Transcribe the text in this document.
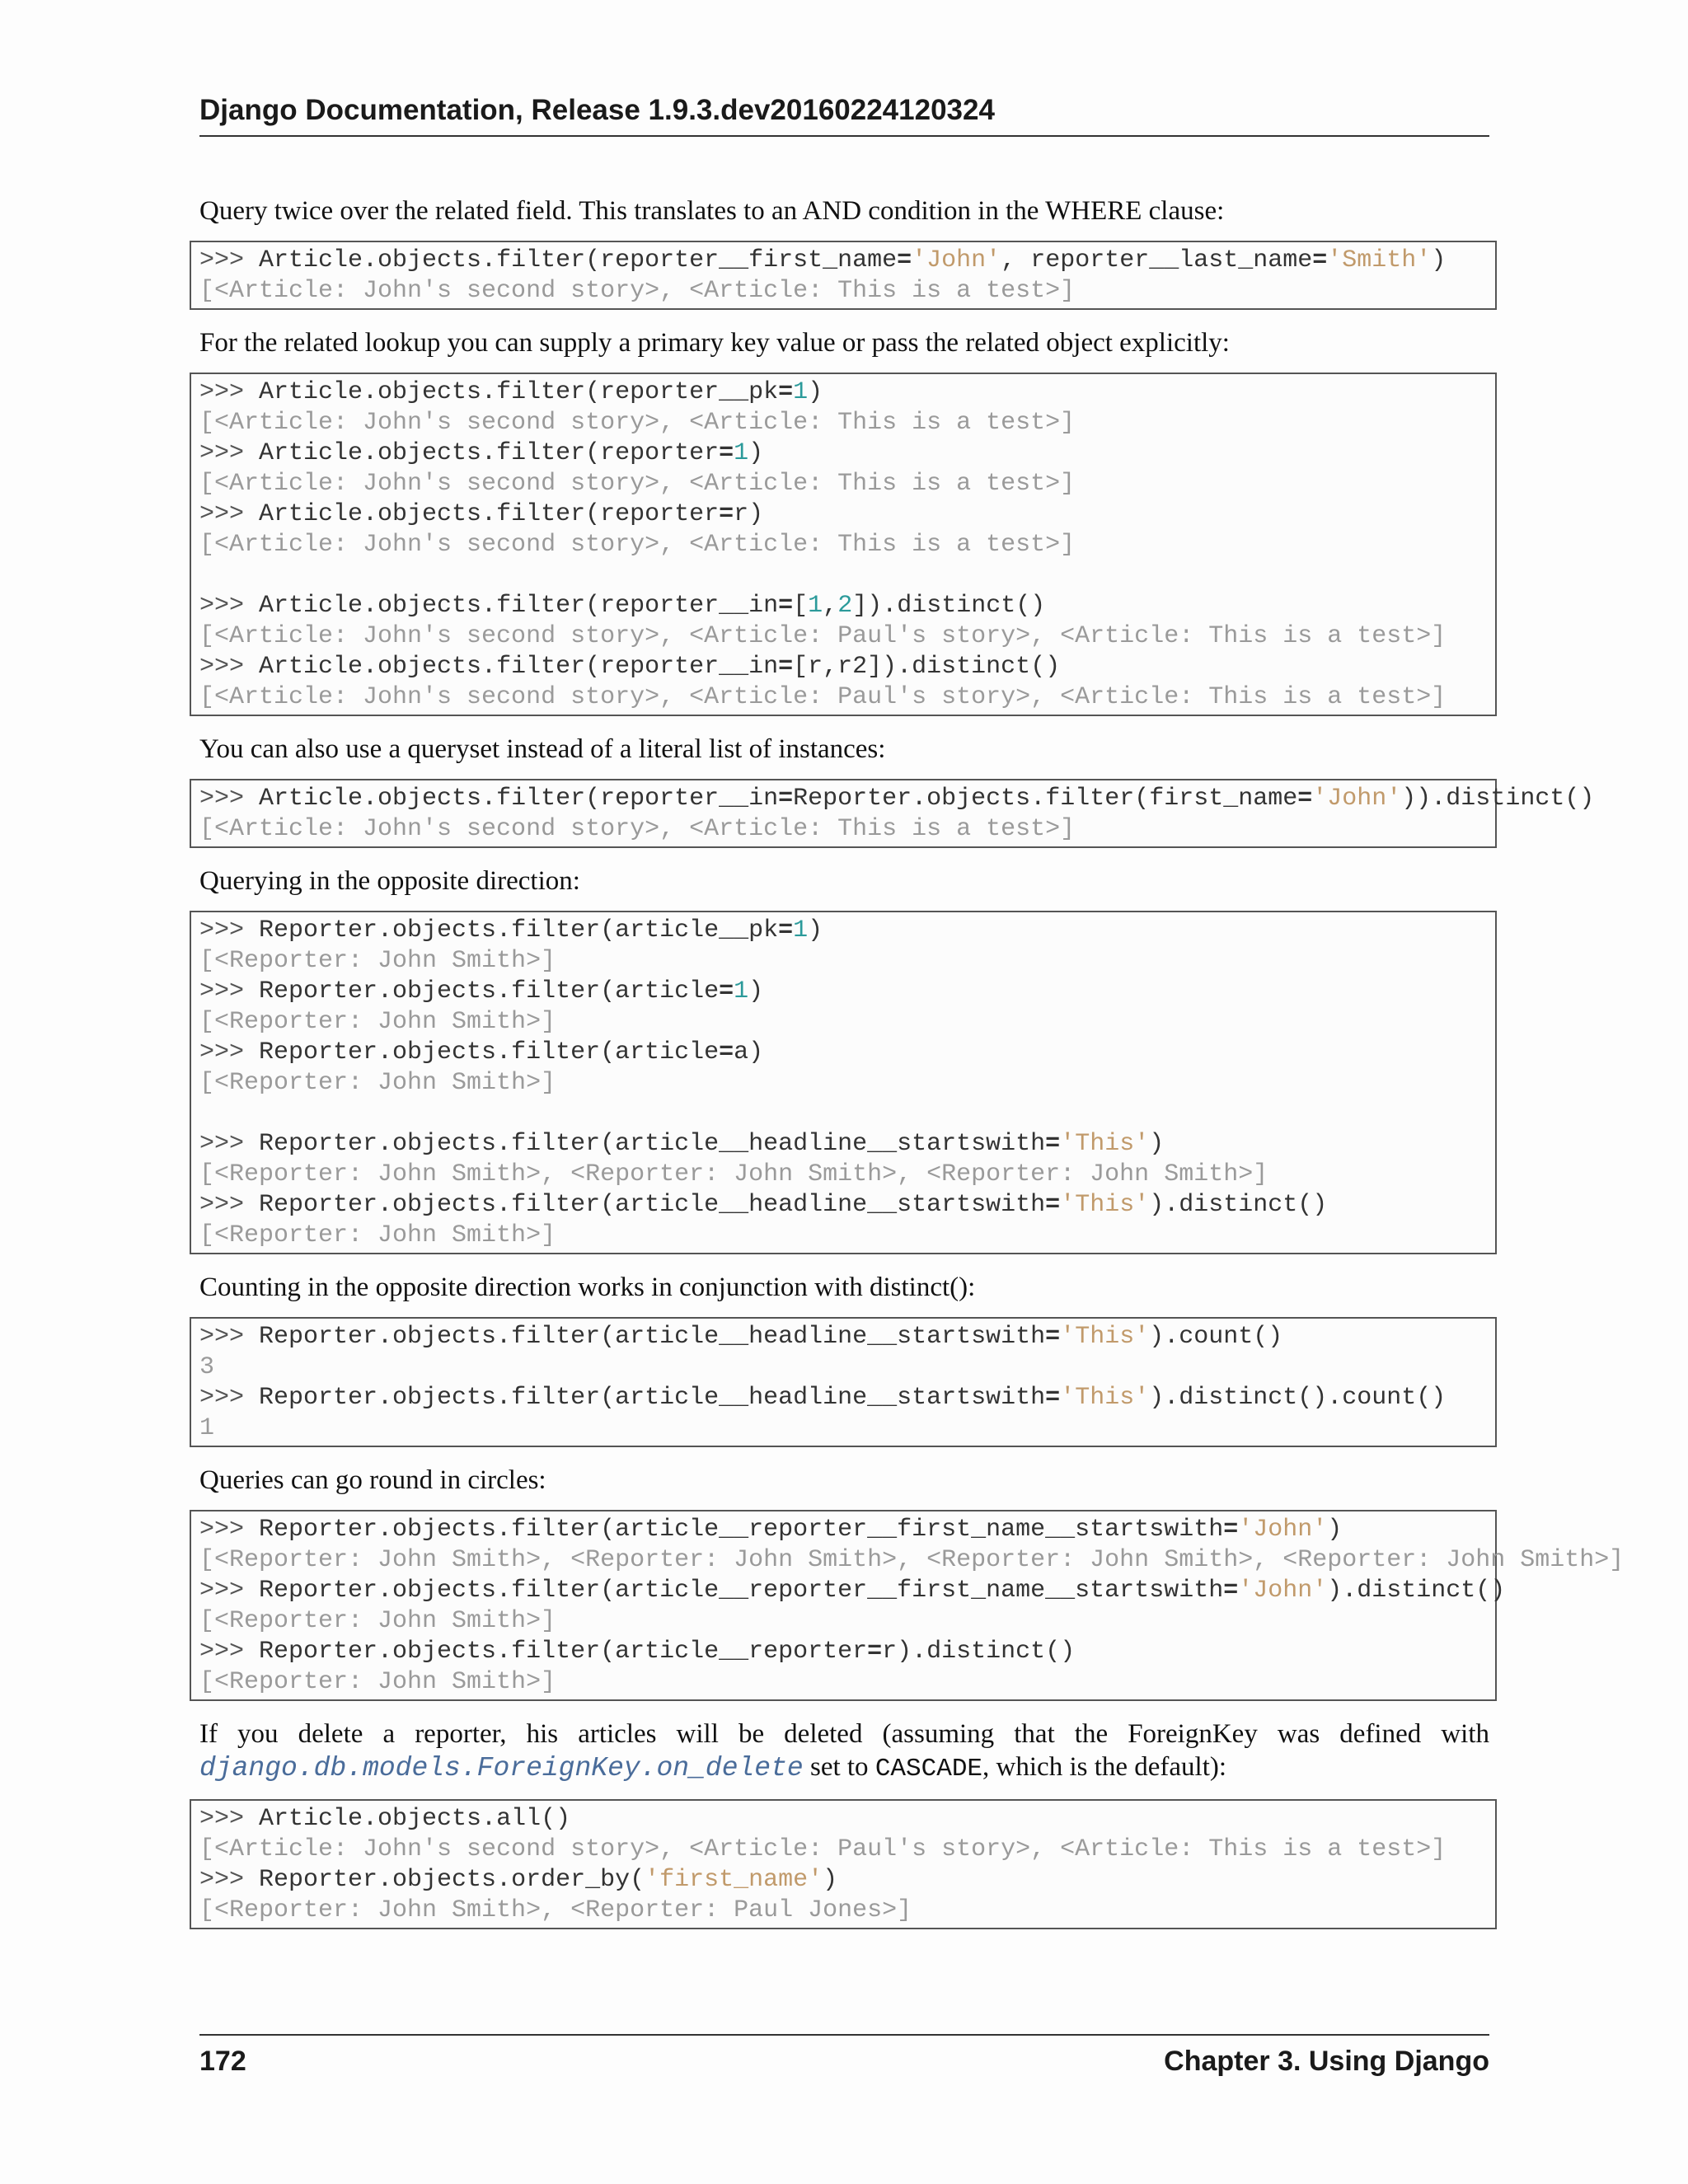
Django Documentation, Release 1.9.3.dev20160224120324

Query twice over the related field. This translates to an AND condition in the WHERE clause:

>>> Article.objects.filter(reporter__first_name='John', reporter__last_name='Smith')
[<Article: John's second story>, <Article: This is a test>]

For the related lookup you can supply a primary key value or pass the related object explicitly:

>>> Article.objects.filter(reporter__pk=1)
[<Article: John's second story>, <Article: This is a test>]
>>> Article.objects.filter(reporter=1)
[<Article: John's second story>, <Article: This is a test>]
>>> Article.objects.filter(reporter=r)
[<Article: John's second story>, <Article: This is a test>]
>>> Article.objects.filter(reporter__in=[1,2]).distinct()
[<Article: John's second story>, <Article: Paul's story>, <Article: This is a test>]
>>> Article.objects.filter(reporter__in=[r,r2]).distinct()
[<Article: John's second story>, <Article: Paul's story>, <Article: This is a test>]

You can also use a queryset instead of a literal list of instances:

>>> Article.objects.filter(reporter__in=Reporter.objects.filter(first_name='John')).distinct()
[<Article: John's second story>, <Article: This is a test>]

Querying in the opposite direction:

>>> Reporter.objects.filter(article__pk=1)
[<Reporter: John Smith>]
>>> Reporter.objects.filter(article=1)
[<Reporter: John Smith>]
>>> Reporter.objects.filter(article=a)
[<Reporter: John Smith>]
>>> Reporter.objects.filter(article__headline__startswith='This')
[<Reporter: John Smith>, <Reporter: John Smith>, <Reporter: John Smith>]
>>> Reporter.objects.filter(article__headline__startswith='This').distinct()
[<Reporter: John Smith>]

Counting in the opposite direction works in conjunction with distinct():

>>> Reporter.objects.filter(article__headline__startswith='This').count()
3
>>> Reporter.objects.filter(article__headline__startswith='This').distinct().count()
1

Queries can go round in circles:

>>> Reporter.objects.filter(article__reporter__first_name__startswith='John')
[<Reporter: John Smith>, <Reporter: John Smith>, <Reporter: John Smith>, <Reporter: John Smith>]
>>> Reporter.objects.filter(article__reporter__first_name__startswith='John').distinct()
[<Reporter: John Smith>]
>>> Reporter.objects.filter(article__reporter=r).distinct()
[<Reporter: John Smith>]

If you delete a reporter, his articles will be deleted (assuming that the ForeignKey was defined with django.db.models.ForeignKey.on_delete set to CASCADE, which is the default):

>>> Article.objects.all()
[<Article: John's second story>, <Article: Paul's story>, <Article: This is a test>]
>>> Reporter.objects.order_by('first_name')
[<Reporter: John Smith>, <Reporter: Paul Jones>]
172	Chapter 3. Using Django
